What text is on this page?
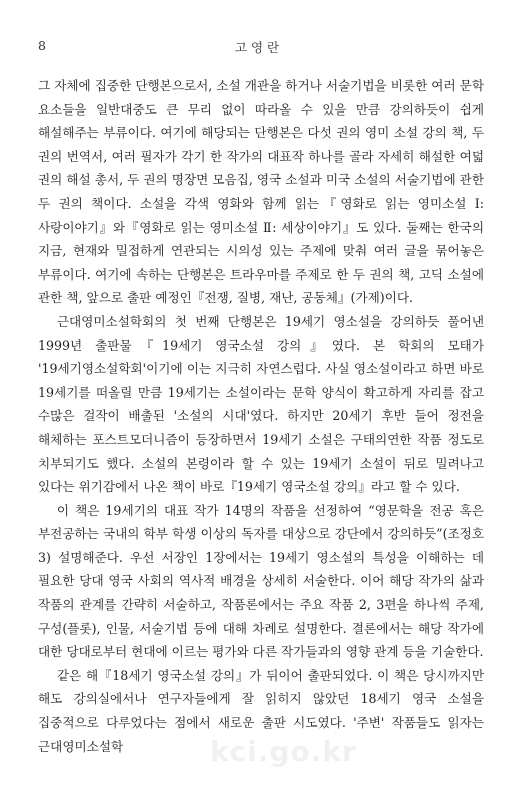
8	고영란

그 자체에 집중한 단행본으로서, 소설 개관을 하거나 서술기법을 비롯한 여러 문학 요소들을 일반대중도 큰 무리 없이 따라올 수 있을 만큼 강의하듯이 쉽게 해설해주는 부류이다. 여기에 해당되는 단행본은 다섯 권의 영미 소설 강의 책, 두 권의 번역서, 여러 필자가 각기 한 작가의 대표작 하나를 골라 자세히 해설한 여덟 권의 해설 총서, 두 권의 명장면 모음집, 영국 소설과 미국 소설의 서술기법에 관한 두 권의 책이다. 소설을 각색 영화와 함께 읽는『영화로 읽는 영미소설 I: 사랑이야기』와『영화로 읽는 영미소설 Ⅱ: 세상이야기』도 있다. 둘째는 한국의 지금, 현재와 밀접하게 연관되는 시의성 있는 주제에 맞춰 여러 글을 묶어놓은 부류이다. 여기에 속하는 단행본은 트라우마를 주제로 한 두 권의 책, 고딕 소설에 관한 책, 앞으로 출판 예정인『전쟁, 질병, 재난, 공동체』(가제)이다.

근대영미소설학회의 첫 번째 단행본은 19세기 영소설을 강의하듯 풀어낸 1999년 출판물『19세기 영국소설 강의』였다. 본 학회의 모태가 '19세기영소설학회'이기에 이는 지극히 자연스럽다. 사실 영소설이라고 하면 바로 19세기를 떠올릴 만큼 19세기는 소설이라는 문학 양식이 확고하게 자리를 잡고 수많은 걸작이 배출된 '소설의 시대'였다. 하지만 20세기 후반 들어 정전을 해체하는 포스트모더니즘이 등장하면서 19세기 소설은 구태의연한 작품 정도로 치부되기도 했다. 소설의 본령이라 할 수 있는 19세기 소설이 뒤로 밀려나고 있다는 위기감에서 나온 책이 바로『19세기 영국소설 강의』라고 할 수 있다.

이 책은 19세기의 대표 작가 14명의 작품을 선정하여 “영문학을 전공 혹은 부전공하는 국내의 학부 학생 이상의 독자를 대상으로 강단에서 강의하듯”(조정호 3) 설명해준다. 우선 서장인 1장에서는 19세기 영소설의 특성을 이해하는 데 필요한 당대 영국 사회의 역사적 배경을 상세히 서술한다. 이어 해당 작가의 삶과 작품의 관계를 간략히 서술하고, 작품론에서는 주요 작품 2, 3편을 하나씩 주제, 구성(플롯), 인물, 서술기법 등에 대해 차례로 설명한다. 결론에서는 해당 작가에 대한 당대로부터 현대에 이르는 평가와 다른 작가들과의 영향 관계 등을 기술한다.

같은 해『18세기 영국소설 강의』가 뒤이어 출판되었다. 이 책은 당시까지만 해도 강의실에서나 연구자들에게 잘 읽히지 않았던 18세기 영국 소설을 집중적으로 다루었다는 점에서 새로운 출판 시도였다. '주변' 작품들도 읽자는 근대영미소설학	kci.go.kr
